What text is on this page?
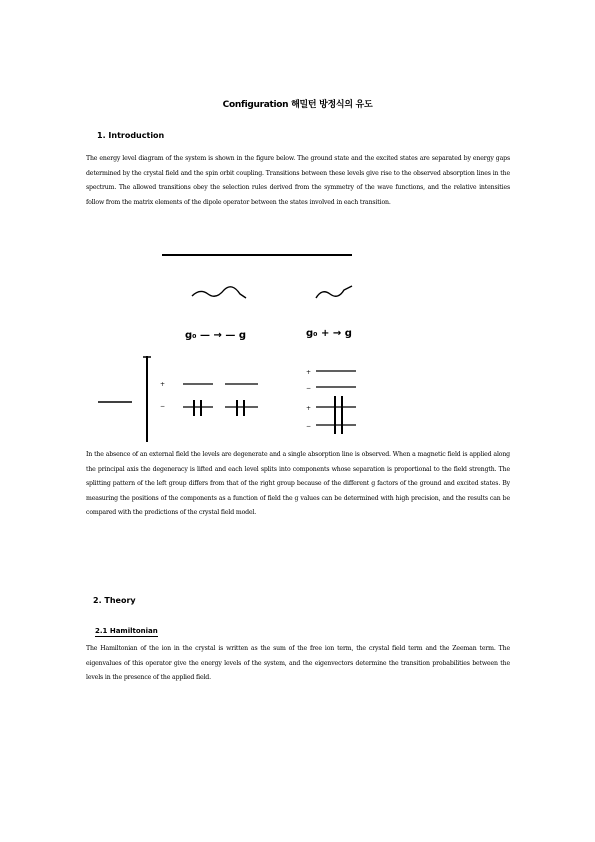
Configuration 해밀턴 방정식의 유도
1. Introduction
The energy level diagram of the system is shown in the figure below. The ground state and the excited states are separated by energy gaps determined by the crystal field and the spin orbit coupling. Transitions between these levels give rise to the observed absorption lines in the spectrum. The allowed transitions obey the selection rules derived from the symmetry of the wave functions, and the relative intensities follow from the matrix elements of the dipole operator between the states involved in each transition.
g₀ — → — g	g₀ + → g
+
−
+
−
+
−
In the absence of an external field the levels are degenerate and a single absorption line is observed. When a magnetic field is applied along the principal axis the degeneracy is lifted and each level splits into components whose separation is proportional to the field strength. The splitting pattern of the left group differs from that of the right group because of the different g factors of the ground and excited states. By measuring the positions of the components as a function of field the g values can be determined with high precision, and the results can be compared with the predictions of the crystal field model.
2. Theory
2.1 Hamiltonian
The Hamiltonian of the ion in the crystal is written as the sum of the free ion term, the crystal field term and the Zeeman term. The eigenvalues of this operator give the energy levels of the system, and the eigenvectors determine the transition probabilities between the levels in the presence of the applied field.
